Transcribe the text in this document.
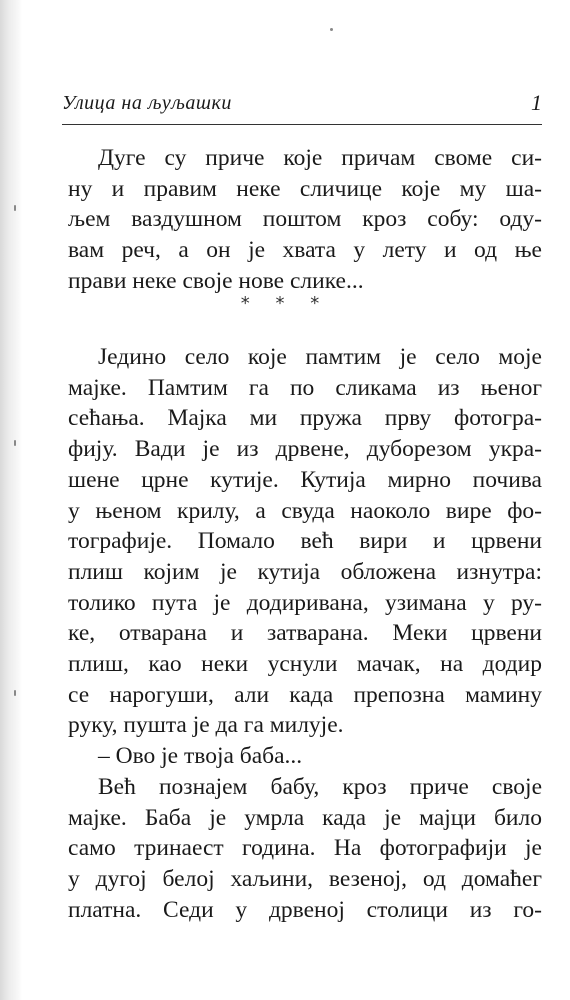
Улица на љуљашки	1
Дуге су приче које причам своме си-
ну и правим неке сличице које му ша-
љем ваздушном поштом кроз собу: оду-
вам реч, а он је хвата у лету и од ње
прави неке своје нове слике...
* * *
Једино село које памтим је село моје
мајке. Памтим га по сликама из њеног
сећања. Мајка ми пружа прву фотогра-
фију. Вади је из дрвене, дуборезом укра-
шене црне кутије. Кутија мирно почива
у њеном крилу, а свуда наоколо вире фо-
тографије. Помало већ вири и црвени
плиш којим је кутија обложена изнутра:
толико пута је додиривана, узимана у ру-
ке, отварана и затварана. Меки црвени
плиш, као неки уснули мачак, на додир
се нарогуши, али када препозна мамину
руку, пушта је да га милује.
– Ово је твоја баба...
Већ познајем бабу, кроз приче своје
мајке. Баба је умрла када је мајци било
само тринаест година. На фотографији је
у дугој белој хаљини, везеној, од домаћег
платна. Седи у дрвеној столици из го-
